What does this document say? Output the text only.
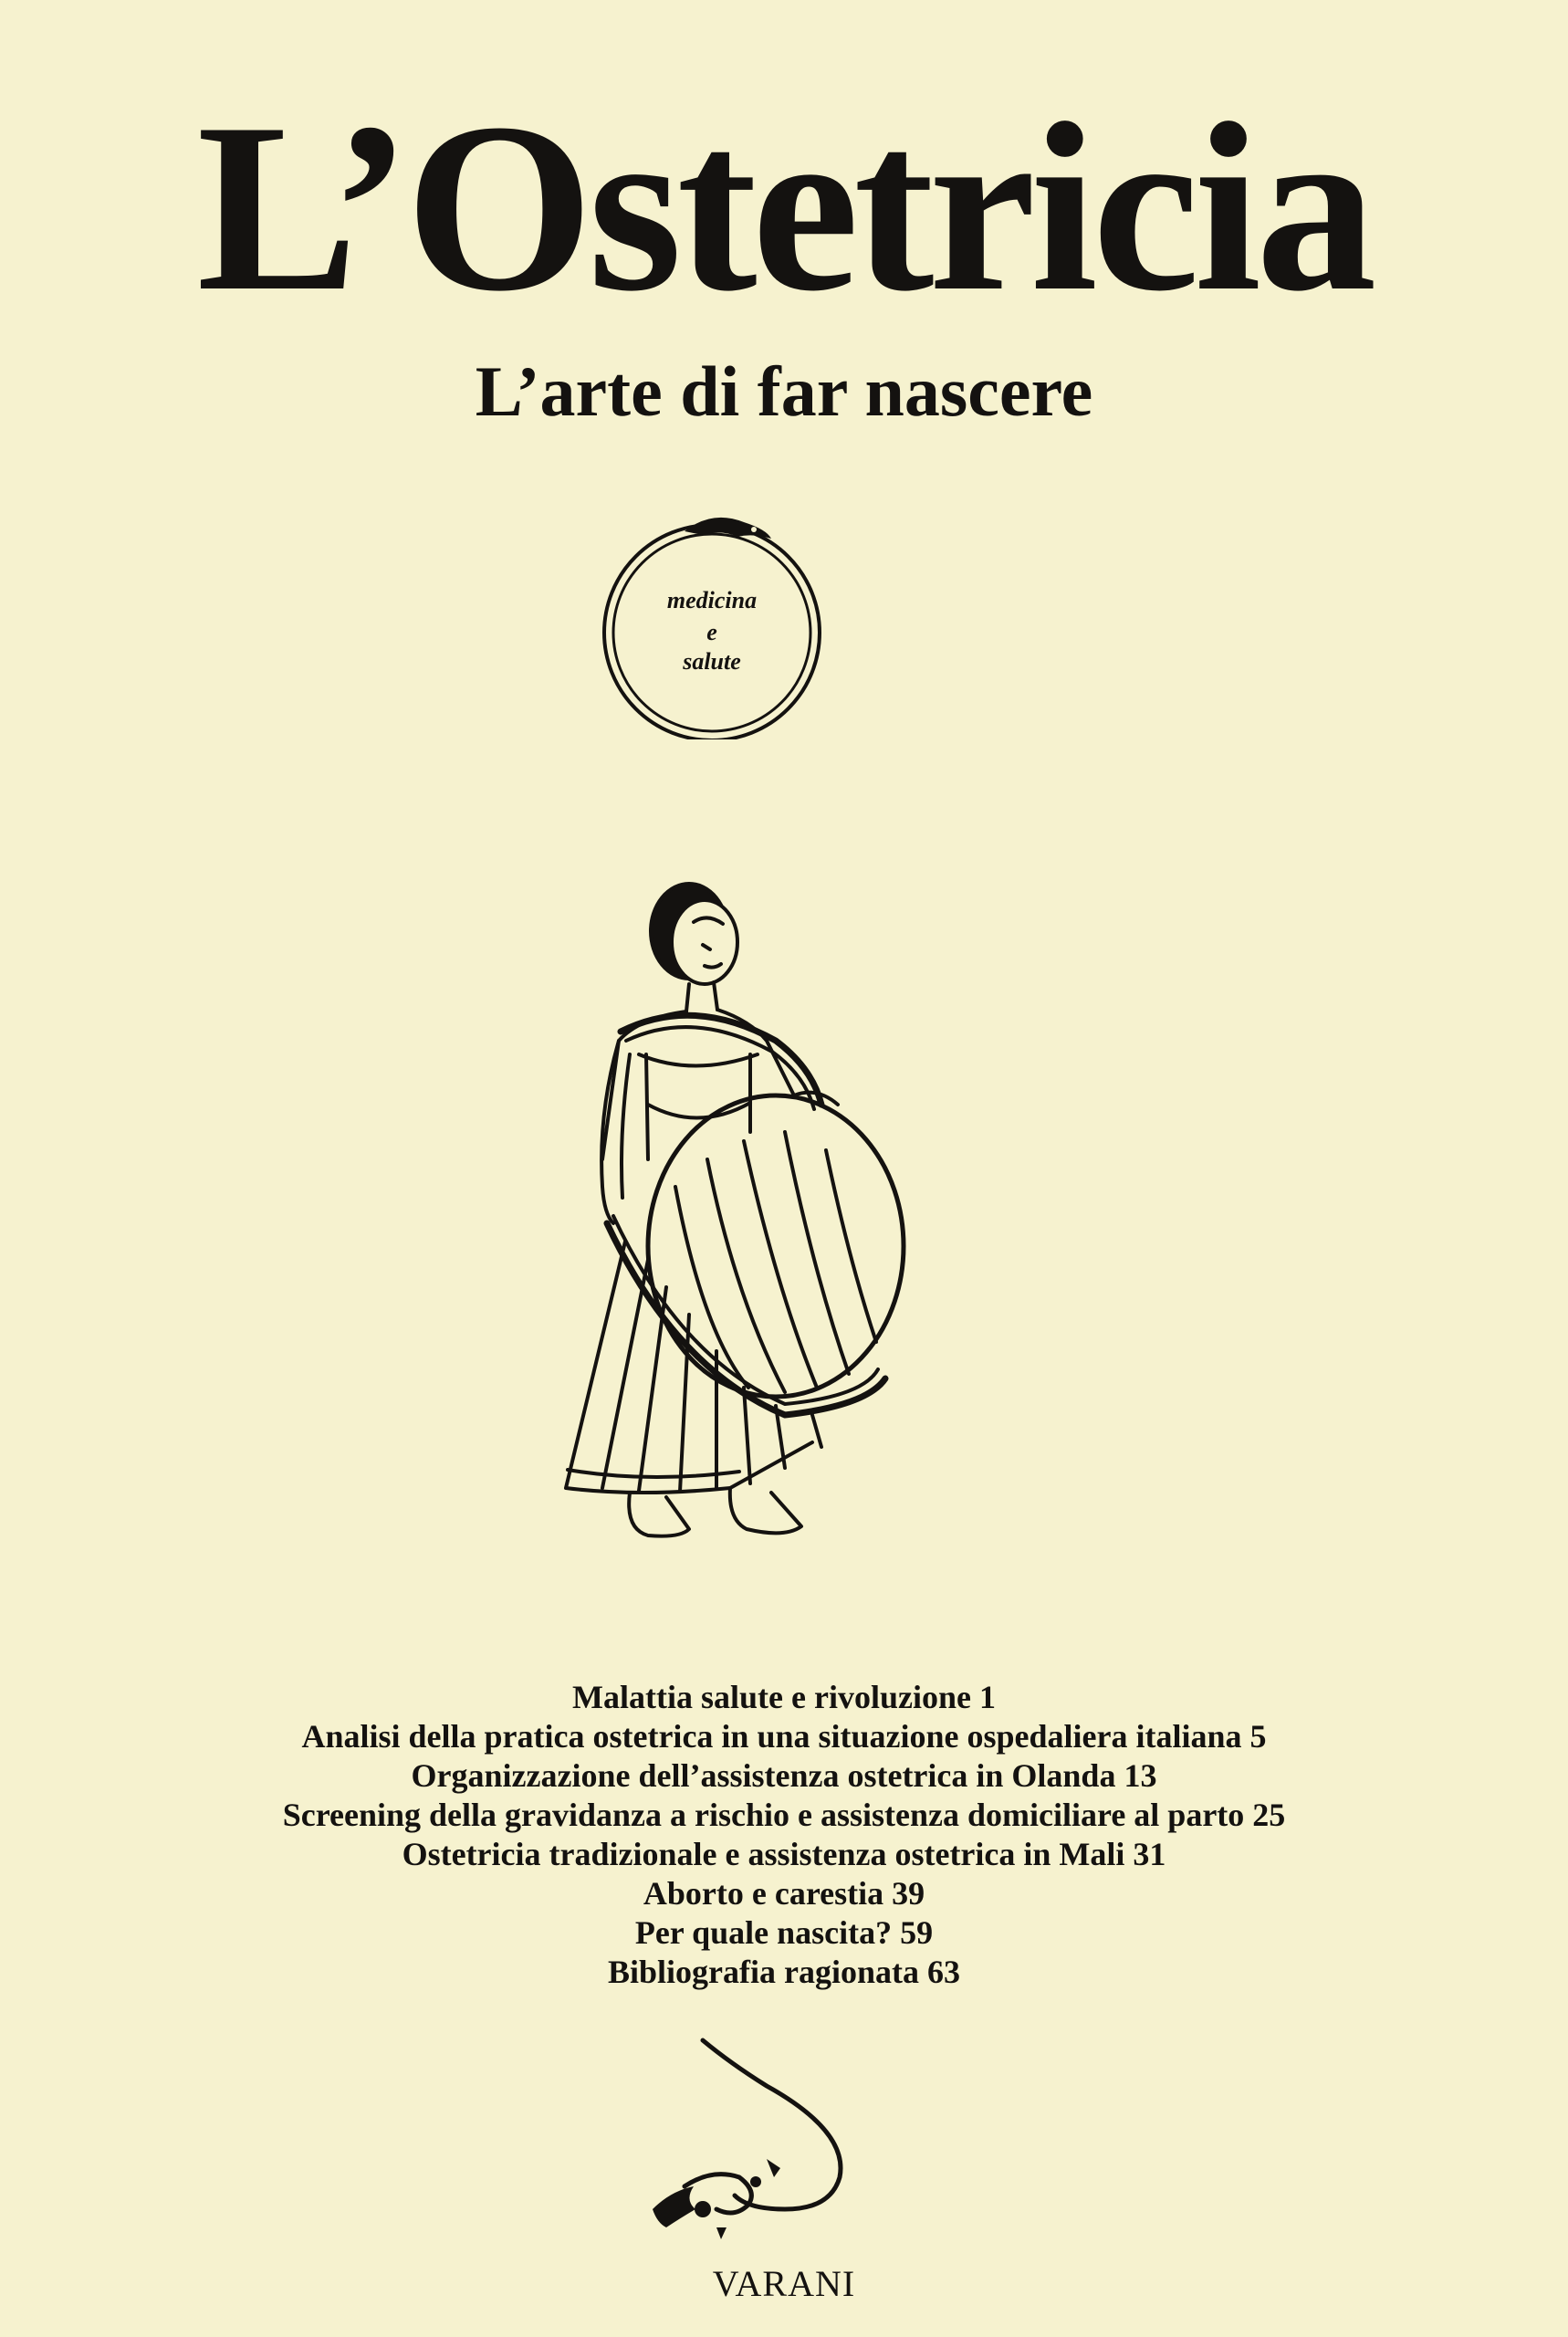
L’Ostetricia
L’arte di far nascere
medicina
e
salute
Malattia salute e rivoluzione 1
Analisi della pratica ostetrica in una situazione ospedaliera italiana 5
Organizzazione dell’assistenza ostetrica in Olanda 13
Screening della gravidanza a rischio e assistenza domiciliare al parto 25
Ostetricia tradizionale e assistenza ostetrica in Mali 31
Aborto e carestia 39
Per quale nascita? 59
Bibliografia ragionata 63
VARANI
